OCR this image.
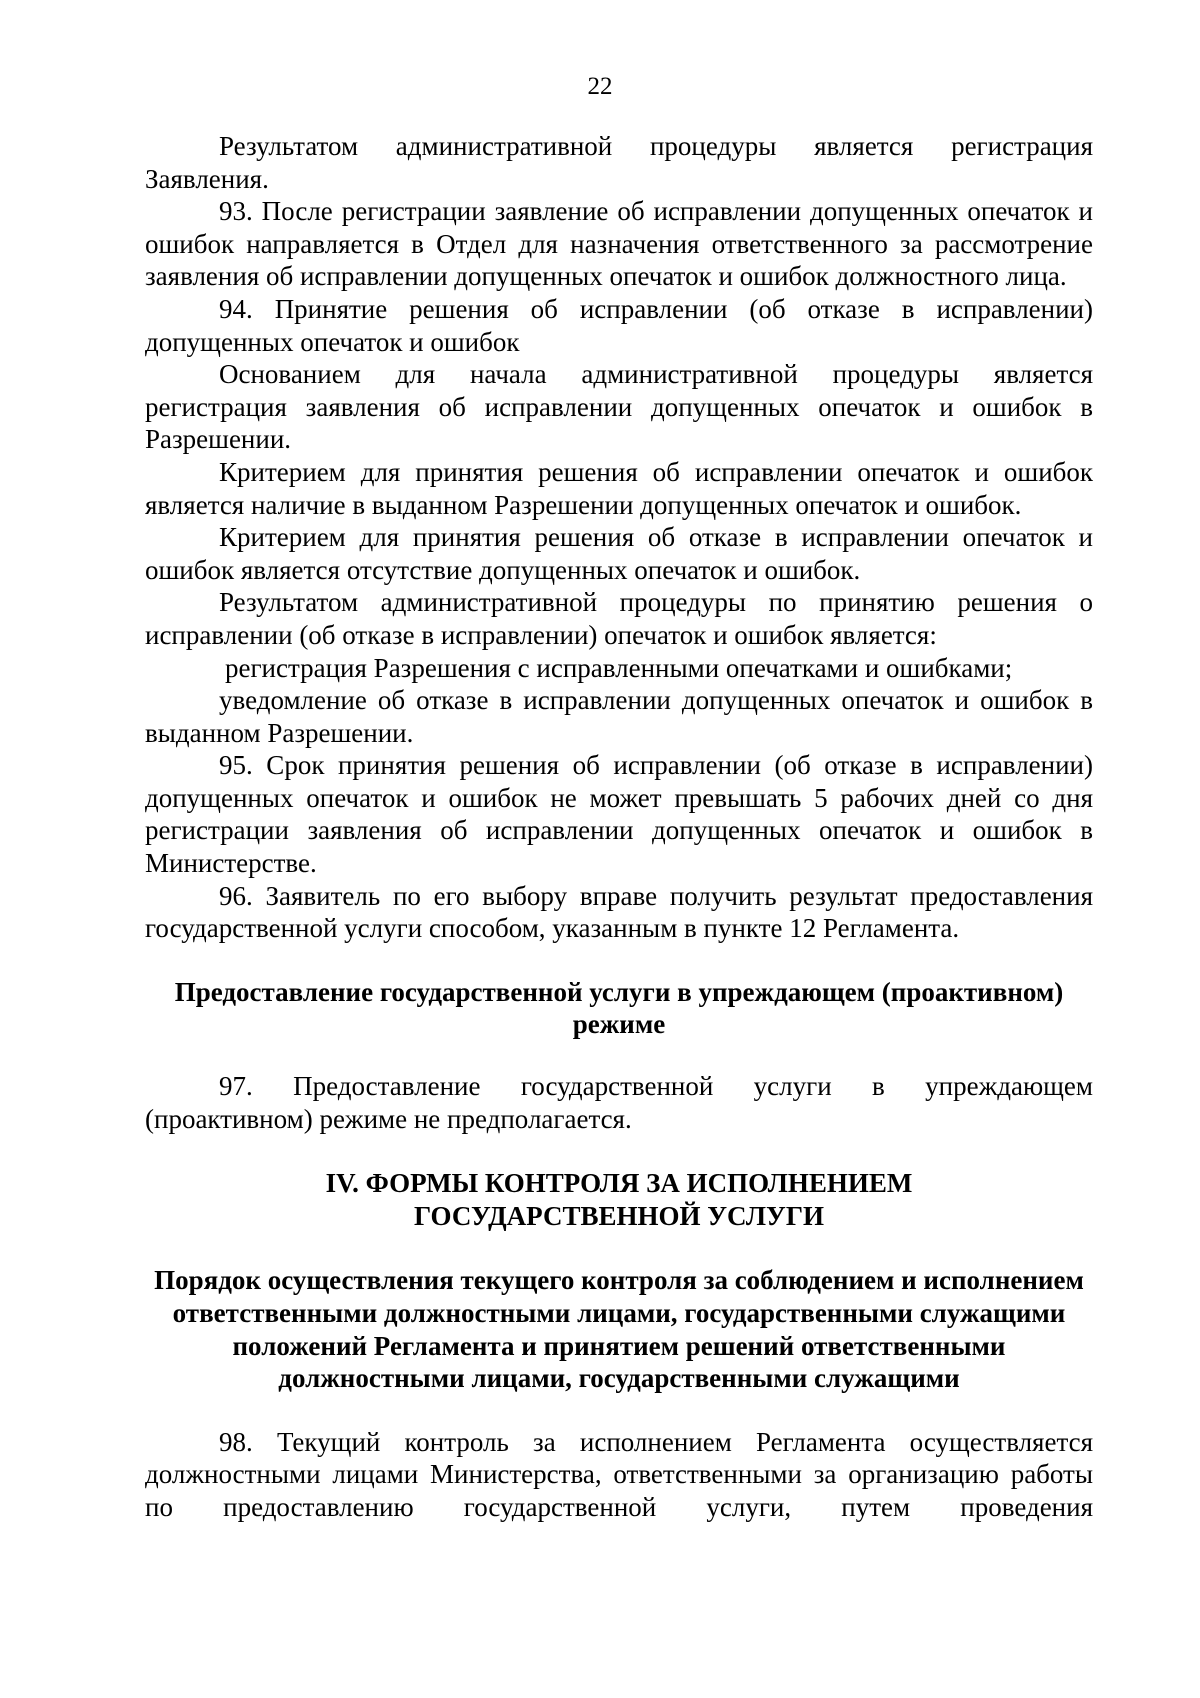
22

Результатом административной процедуры является регистрация Заявления.

93. После регистрации заявление об исправлении допущенных опечаток и ошибок направляется в Отдел для назначения ответственного за рассмотрение заявления об исправлении допущенных опечаток и ошибок должностного лица.

94. Принятие решения об исправлении (об отказе в исправлении) допущенных опечаток и ошибок

Основанием для начала административной процедуры является регистрация заявления об исправлении допущенных опечаток и ошибок в Разрешении.

Критерием для принятия решения об исправлении опечаток и ошибок является наличие в выданном Разрешении допущенных опечаток и ошибок.

Критерием для принятия решения об отказе в исправлении опечаток и ошибок является отсутствие допущенных опечаток и ошибок.

Результатом административной процедуры по принятию решения о исправлении (об отказе в исправлении) опечаток и ошибок является:

регистрация Разрешения с исправленными опечатками и ошибками;

уведомление об отказе в исправлении допущенных опечаток и ошибок в выданном Разрешении.

95. Срок принятия решения об исправлении (об отказе в исправлении) допущенных опечаток и ошибок не может превышать 5 рабочих дней со дня регистрации заявления об исправлении допущенных опечаток и ошибок в Министерстве.

96. Заявитель по его выбору вправе получить результат предоставления государственной услуги способом, указанным в пункте 12 Регламента.

Предоставление государственной услуги в упреждающем (проактивном) режиме

97. Предоставление государственной услуги в упреждающем (проактивном) режиме не предполагается.

IV. ФОРМЫ КОНТРОЛЯ ЗА ИСПОЛНЕНИЕМ ГОСУДАРСТВЕННОЙ УСЛУГИ

Порядок осуществления текущего контроля за соблюдением и исполнением ответственными должностными лицами, государственными служащими положений Регламента и принятием решений ответственными должностными лицами, государственными служащими

98. Текущий контроль за исполнением Регламента осуществляется должностными лицами Министерства, ответственными за организацию работы по предоставлению государственной услуги, путем проведения
